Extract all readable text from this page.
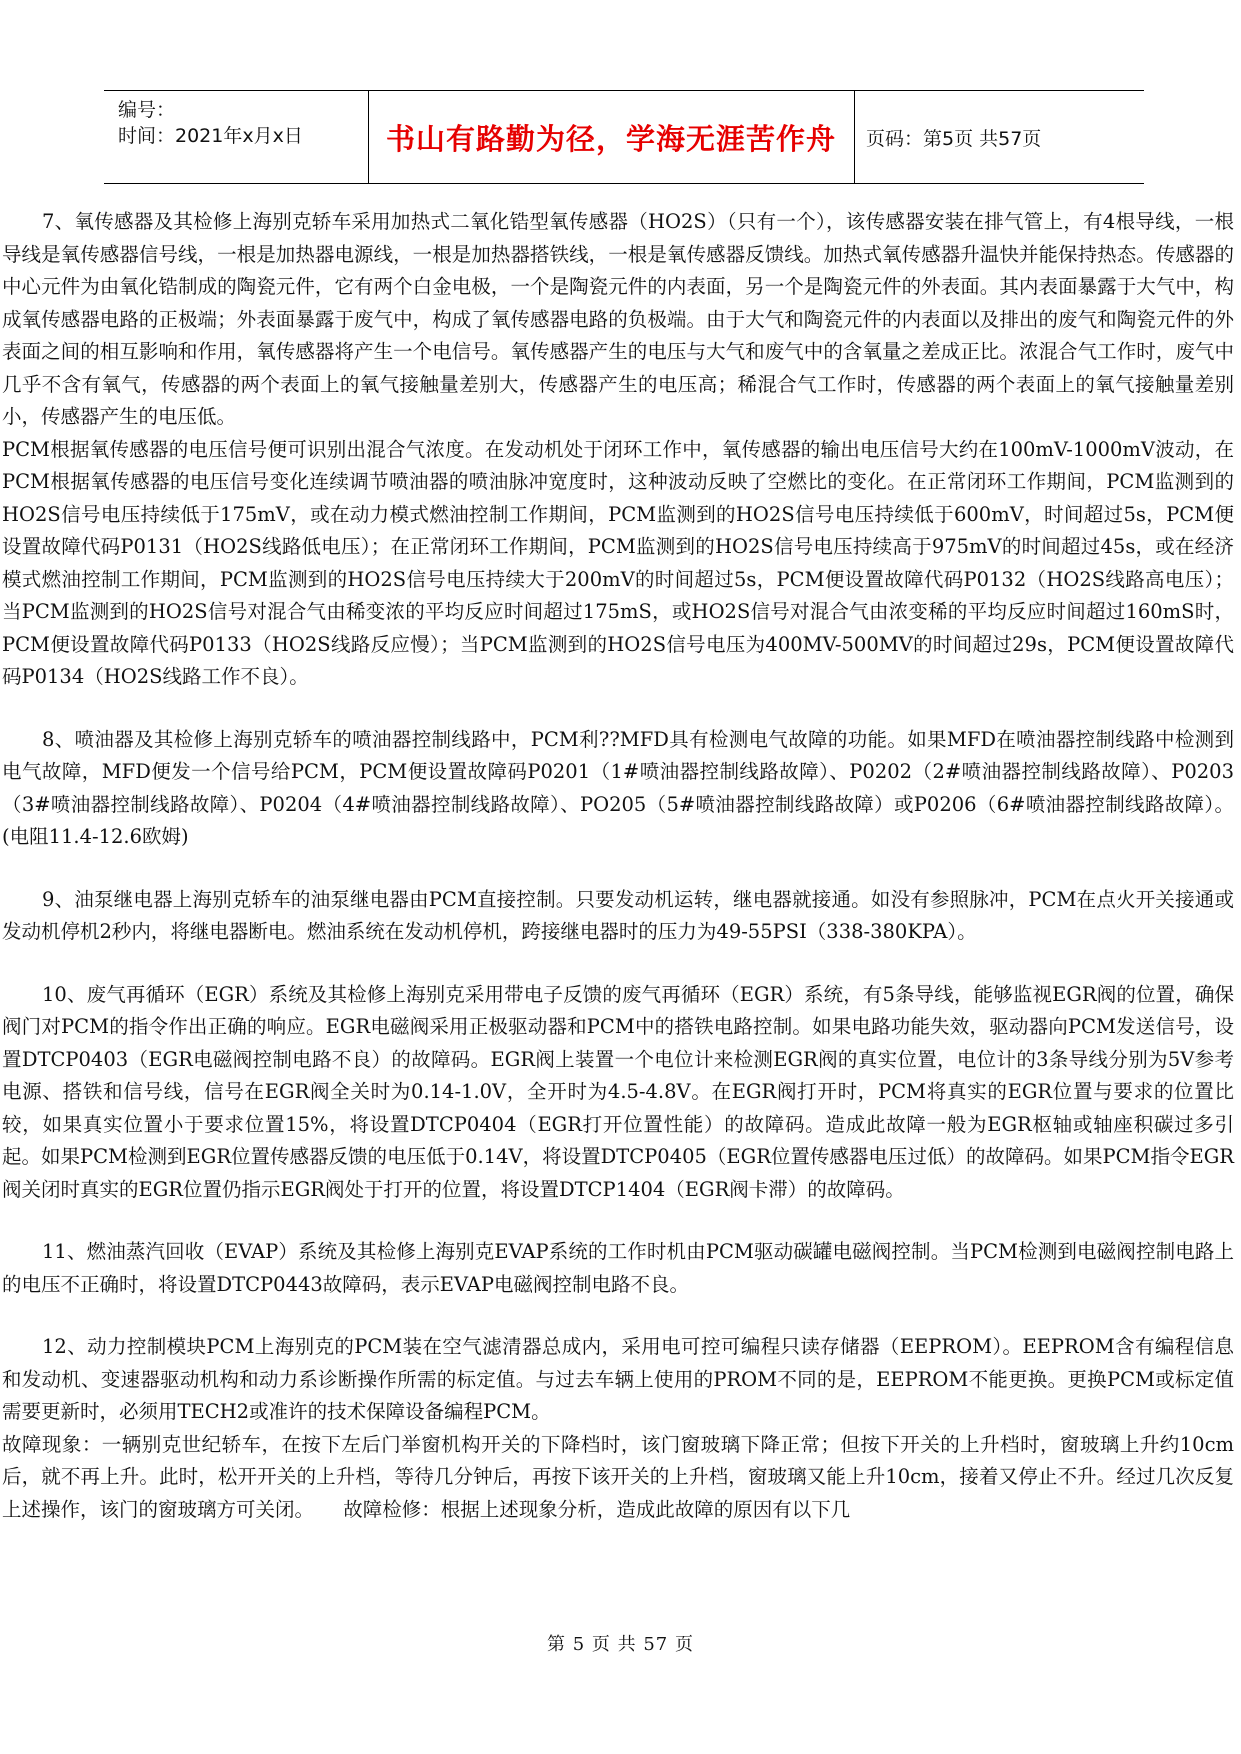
编号：
时间：2021年x月x日	书山有路勤为径，学海无涯苦作舟 页码：第5页 共57页

7、氧传感器及其检修上海别克轿车采用加热式二氧化锆型氧传感器（HO2S）（只有一个），该传感器安装在排气管上，有4根导线，一根导线是氧传感器信号线，一根是加热器电源线，一根是加热器搭铁线，一根是氧传感器反馈线。加热式氧传感器升温快并能保持热态。传感器的中心元件为由氧化锆制成的陶瓷元件，它有两个白金电极，一个是陶瓷元件的内表面，另一个是陶瓷元件的外表面。其内表面暴露于大气中，构成氧传感器电路的正极端；外表面暴露于废气中，构成了氧传感器电路的负极端。由于大气和陶瓷元件的内表面以及排出的废气和陶瓷元件的外表面之间的相互影响和作用，氧传感器将产生一个电信号。氧传感器产生的电压与大气和废气中的含氧量之差成正比。浓混合气工作时，废气中几乎不含有氧气，传感器的两个表面上的氧气接触量差别大，传感器产生的电压高；稀混合气工作时，传感器的两个表面上的氧气接触量差别小，传感器产生的电压低。

PCM根据氧传感器的电压信号便可识别出混合气浓度。在发动机处于闭环工作中，氧传感器的输出电压信号大约在100mV-1000mV波动，在PCM根据氧传感器的电压信号变化连续调节喷油器的喷油脉冲宽度时，这种波动反映了空燃比的变化。在正常闭环工作期间，PCM监测到的HO2S信号电压持续低于175mV，或在动力模式燃油控制工作期间，PCM监测到的HO2S信号电压持续低于600mV，时间超过5s，PCM便设置故障代码P0131（HO2S线路低电压）；在正常闭环工作期间，PCM监测到的HO2S信号电压持续高于975mV的时间超过45s，或在经济模式燃油控制工作期间，PCM监测到的HO2S信号电压持续大于200mV的时间超过5s，PCM便设置故障代码P0132（HO2S线路高电压）；当PCM监测到的HO2S信号对混合气由稀变浓的平均反应时间超过175mS，或HO2S信号对混合气由浓变稀的平均反应时间超过160mS时，PCM便设置故障代码P0133（HO2S线路反应慢）；当PCM监测到的HO2S信号电压为400MV-500MV的时间超过29s，PCM便设置故障代码P0134（HO2S线路工作不良）。

8、喷油器及其检修上海别克轿车的喷油器控制线路中，PCM利??MFD具有检测电气故障的功能。如果MFD在喷油器控制线路中检测到电气故障，MFD便发一个信号给PCM，PCM便设置故障码P0201（1#喷油器控制线路故障）、P0202（2#喷油器控制线路故障）、P0203（3#喷油器控制线路故障）、P0204（4#喷油器控制线路故障）、PO205（5#喷油器控制线路故障）或P0206（6#喷油器控制线路故障）。(电阻11.4-12.6欧姆)

9、油泵继电器上海别克轿车的油泵继电器由PCM直接控制。只要发动机运转，继电器就接通。如没有参照脉冲，PCM在点火开关接通或发动机停机2秒内，将继电器断电。燃油系统在发动机停机，跨接继电器时的压力为49-55PSI（338-380KPA）。

10、废气再循环（EGR）系统及其检修上海别克采用带电子反馈的废气再循环（EGR）系统，有5条导线，能够监视EGR阀的位置，确保阀门对PCM的指令作出正确的响应。EGR电磁阀采用正极驱动器和PCM中的搭铁电路控制。如果电路功能失效，驱动器向PCM发送信号，设置DTCP0403（EGR电磁阀控制电路不良）的故障码。EGR阀上装置一个电位计来检测EGR阀的真实位置，电位计的3条导线分别为5V参考电源、搭铁和信号线，信号在EGR阀全关时为0.14-1.0V，全开时为4.5-4.8V。在EGR阀打开时，PCM将真实的EGR位置与要求的位置比较，如果真实位置小于要求位置15%，将设置DTCP0404（EGR打开位置性能）的故障码。造成此故障一般为EGR枢轴或轴座积碳过多引起。如果PCM检测到EGR位置传感器反馈的电压低于0.14V，将设置DTCP0405（EGR位置传感器电压过低）的故障码。如果PCM指令EGR阀关闭时真实的EGR位置仍指示EGR阀处于打开的位置，将设置DTCP1404（EGR阀卡滞）的故障码。

11、燃油蒸汽回收（EVAP）系统及其检修上海别克EVAP系统的工作时机由PCM驱动碳罐电磁阀控制。当PCM检测到电磁阀控制电路上的电压不正确时，将设置DTCP0443故障码，表示EVAP电磁阀控制电路不良。

12、动力控制模块PCM上海别克的PCM装在空气滤清器总成内，采用电可控可编程只读存储器（EEPROM）。EEPROM含有编程信息和发动机、变速器驱动机构和动力系诊断操作所需的标定值。与过去车辆上使用的PROM不同的是，EEPROM不能更换。更换PCM或标定值需要更新时，必须用TECH2或准许的技术保障设备编程PCM。

故障现象：一辆别克世纪轿车，在按下左后门举窗机构开关的下降档时，该门窗玻璃下降正常；但按下开关的上升档时，窗玻璃上升约10cm后，就不再上升。此时，松开开关的上升档，等待几分钟后，再按下该开关的上升档，窗玻璃又能上升10cm，接着又停止不升。经过几次反复上述操作，该门的窗玻璃方可关闭。　　故障检修：根据上述现象分析，造成此故障的原因有以下几

第 5 页 共 57 页
